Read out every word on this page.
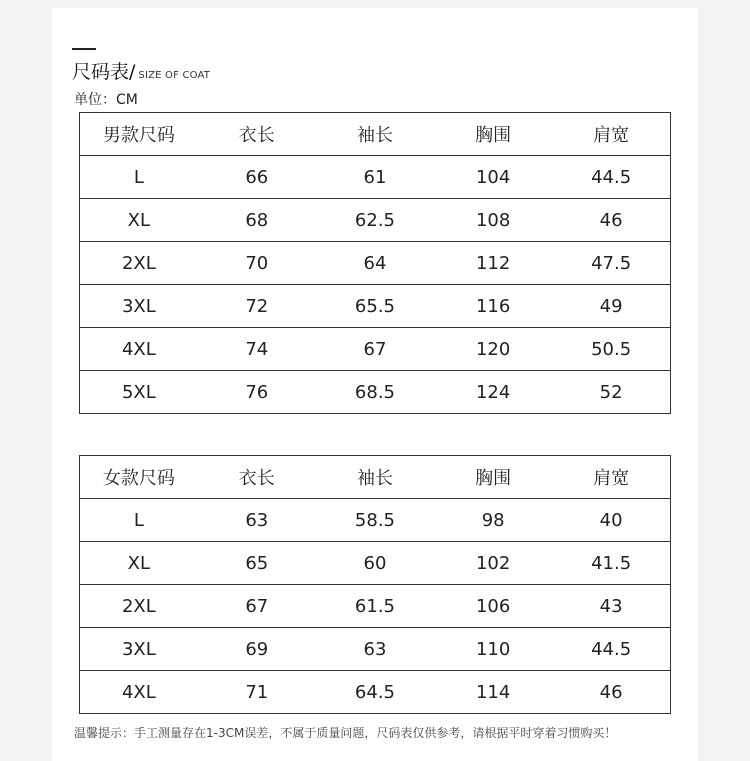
尺码表/ SIZE OF COAT
单位：CM
男款尺码	衣长	袖长	胸围	肩宽
L	66	61	104	44.5
XL	68	62.5	108	46
2XL	70	64	112	47.5
3XL	72	65.5	116	49
4XL	74	67	120	50.5
5XL	76	68.5	124	52
女款尺码	衣长	袖长	胸围	肩宽
L	63	58.5	98	40
XL	65	60	102	41.5
2XL	67	61.5	106	43
3XL	69	63	110	44.5
4XL	71	64.5	114	46
温馨提示：手工测量存在1-3CM误差，不属于质量问题，尺码表仅供参考，请根据平时穿着习惯购买！
